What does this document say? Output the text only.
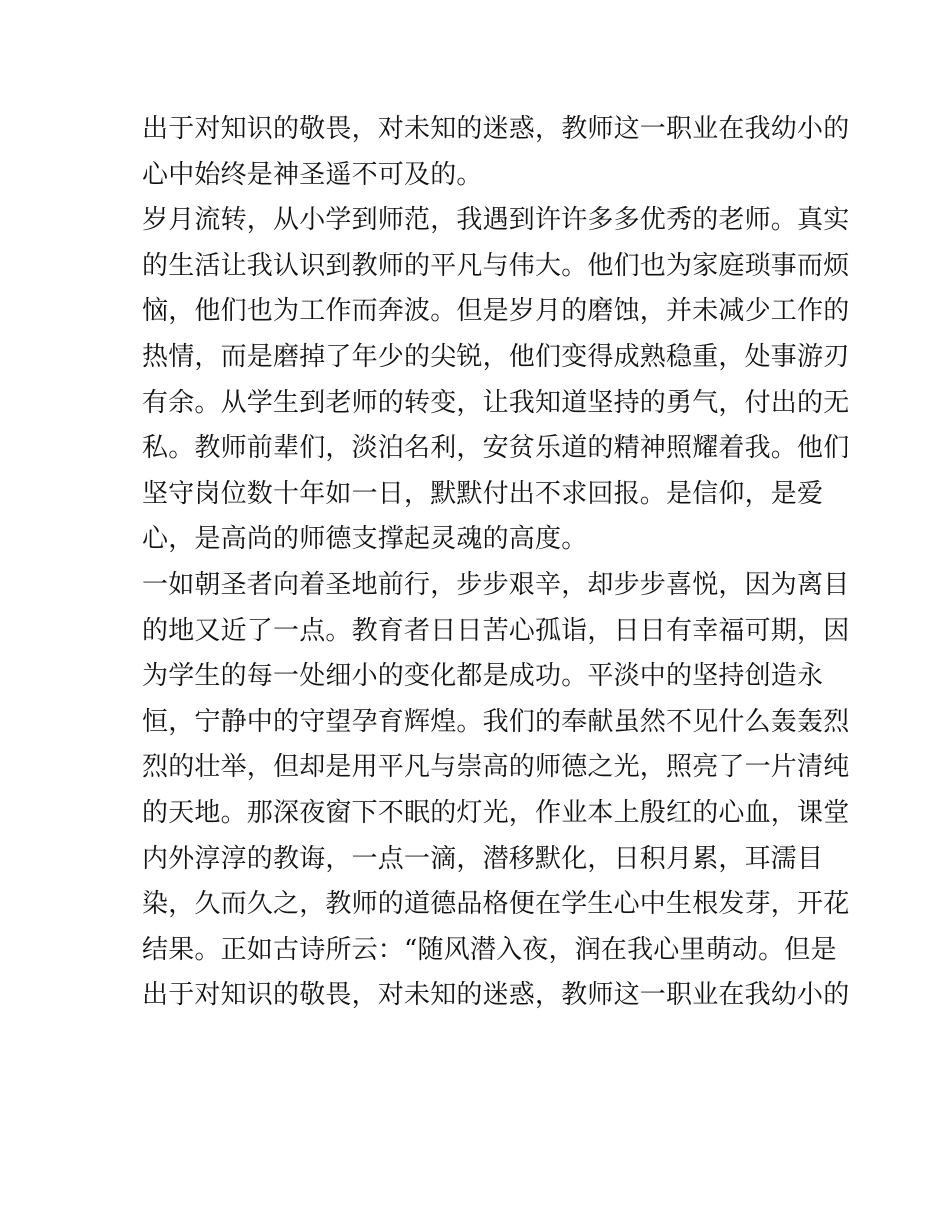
出于对知识的敬畏，对未知的迷惑，教师这一职业在我幼小的
心中始终是神圣遥不可及的。
岁月流转，从小学到师范，我遇到许许多多优秀的老师。真实
的生活让我认识到教师的平凡与伟大。他们也为家庭琐事而烦
恼，他们也为工作而奔波。但是岁月的磨蚀，并未减少工作的
热情，而是磨掉了年少的尖锐，他们变得成熟稳重，处事游刃
有余。从学生到老师的转变，让我知道坚持的勇气，付出的无
私。教师前辈们，淡泊名利，安贫乐道的精神照耀着我。他们
坚守岗位数十年如一日，默默付出不求回报。是信仰，是爱
心，是高尚的师德支撑起灵魂的高度。
一如朝圣者向着圣地前行，步步艰辛，却步步喜悦，因为离目
的地又近了一点。教育者日日苦心孤诣，日日有幸福可期，因
为学生的每一处细小的变化都是成功。平淡中的坚持创造永
恒，宁静中的守望孕育辉煌。我们的奉献虽然不见什么轰轰烈
烈的壮举，但却是用平凡与崇高的师德之光，照亮了一片清纯
的天地。那深夜窗下不眠的灯光，作业本上殷红的心血，课堂
内外淳淳的教诲，一点一滴，潜移默化，日积月累，耳濡目
染，久而久之，教师的道德品格便在学生心中生根发芽，开花
结果。正如古诗所云：“随风潜入夜，润在我心里萌动。但是
出于对知识的敬畏，对未知的迷惑，教师这一职业在我幼小的
